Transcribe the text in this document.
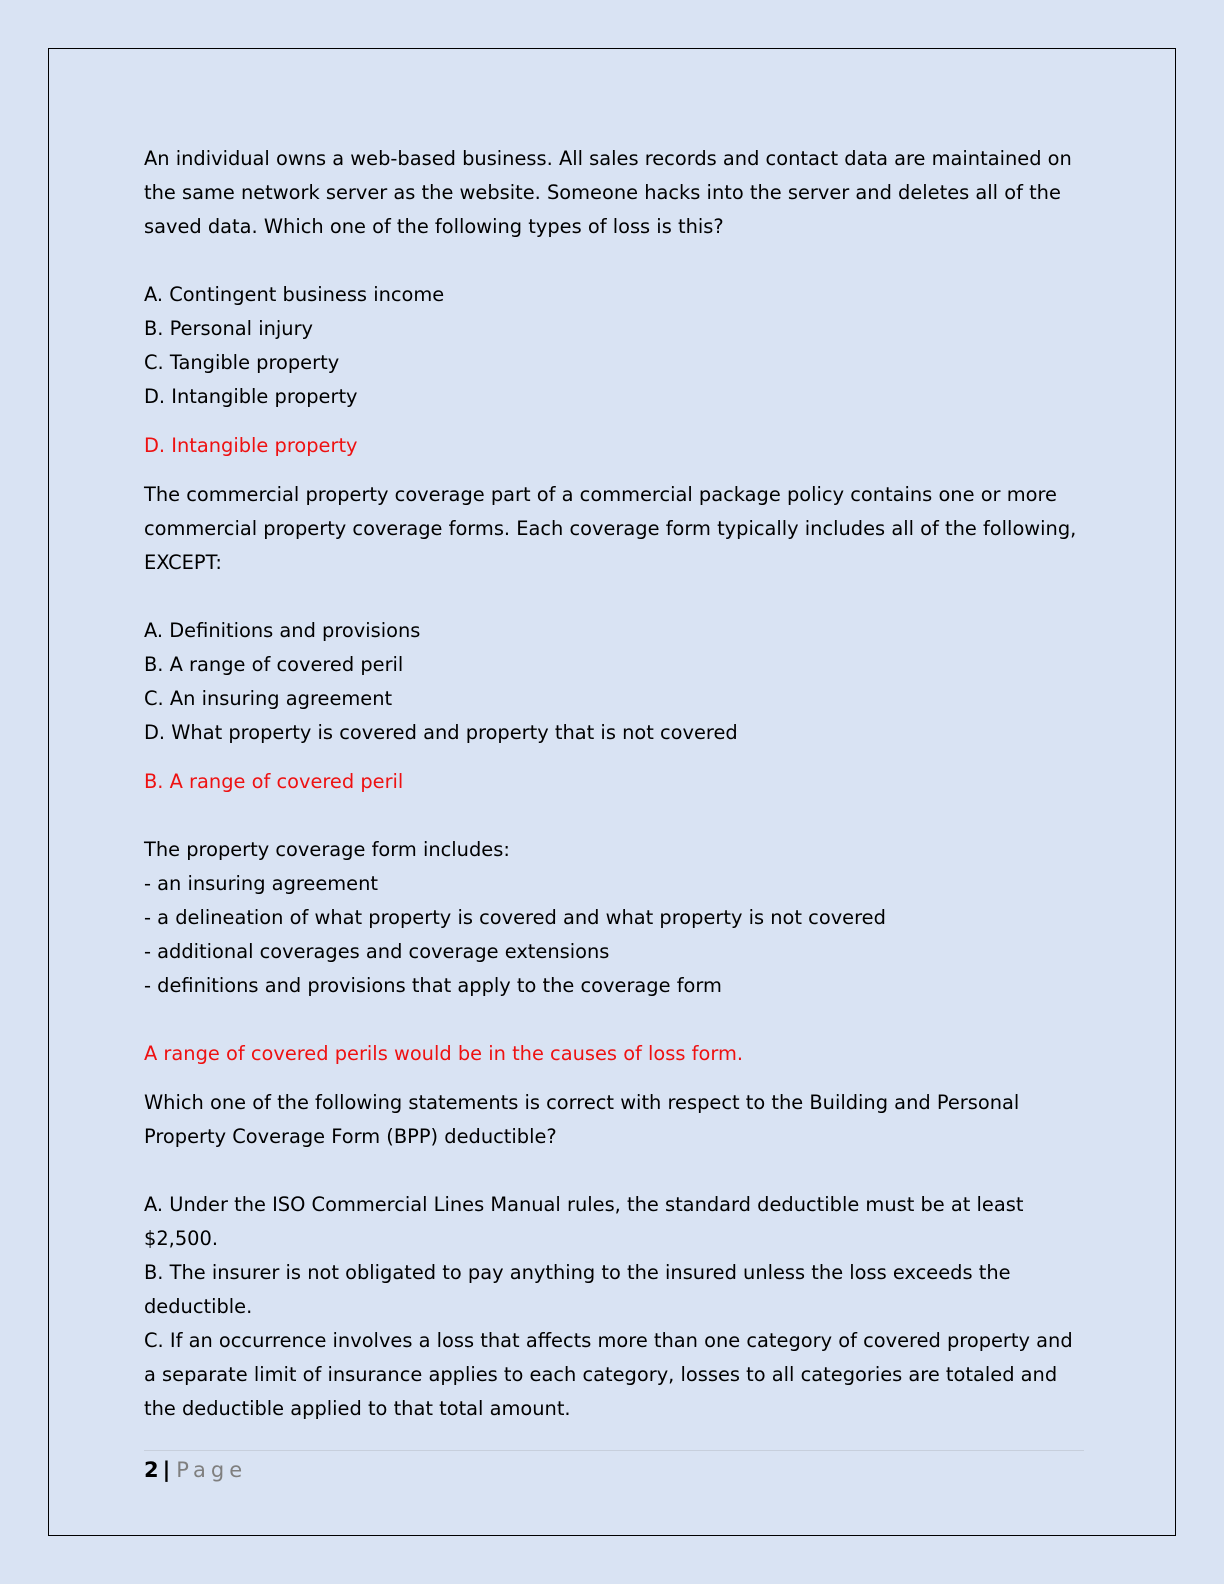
An individual owns a web-based business. All sales records and contact data are maintained on

the same network server as the website. Someone hacks into the server and deletes all of the

saved data. Which one of the following types of loss is this?

A. Contingent business income

B. Personal injury

C. Tangible property

D. Intangible property

D. Intangible property

The commercial property coverage part of a commercial package policy contains one or more

commercial property coverage forms. Each coverage form typically includes all of the following,

EXCEPT:

A. Definitions and provisions

B. A range of covered peril

C. An insuring agreement

D. What property is covered and property that is not covered

B. A range of covered peril

The property coverage form includes:

- an insuring agreement

- a delineation of what property is covered and what property is not covered

- additional coverages and coverage extensions

- definitions and provisions that apply to the coverage form

A range of covered perils would be in the causes of loss form.

Which one of the following statements is correct with respect to the Building and Personal

Property Coverage Form (BPP) deductible?

A. Under the ISO Commercial Lines Manual rules, the standard deductible must be at least

$2,500.

B. The insurer is not obligated to pay anything to the insured unless the loss exceeds the

deductible.

C. If an occurrence involves a loss that affects more than one category of covered property and

a separate limit of insurance applies to each category, losses to all categories are totaled and

the deductible applied to that total amount.

2 | Page
